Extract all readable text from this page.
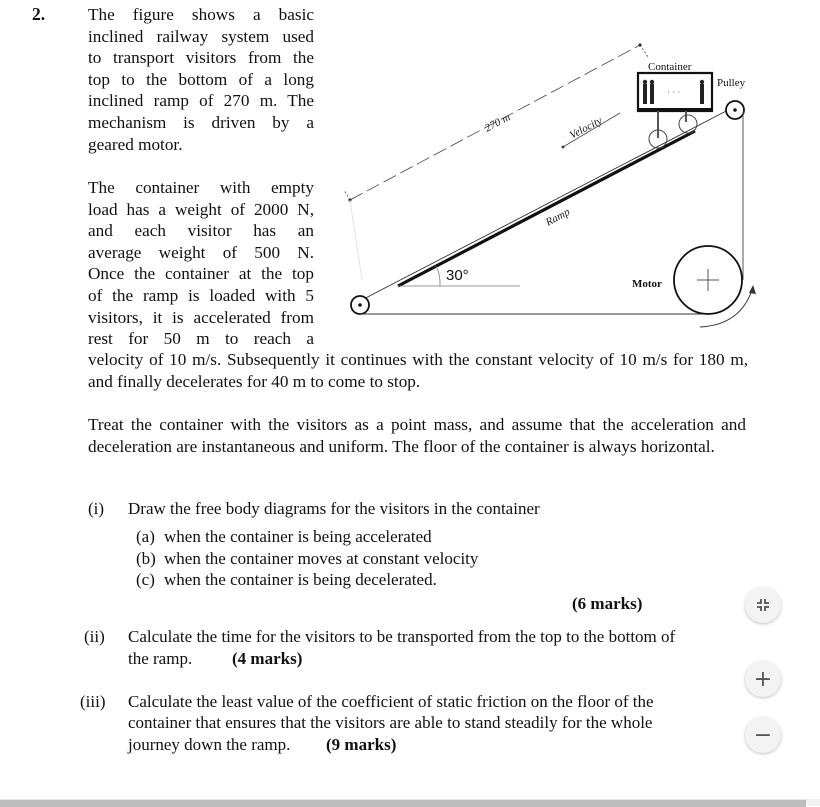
2. The figure shows a basic
inclined railway system used
to transport visitors from the
top to the bottom of a long
inclined ramp of 270 m. The
mechanism is driven by a
geared motor.

The container with empty
load has a weight of 2000 N,
and each visitor has an
average weight of 500 N.
Once the container at the top
of the ramp is loaded with 5
visitors, it is accelerated from
rest for 50 m to reach a

velocity of 10 m/s. Subsequently it continues with the constant velocity of 10 m/s for 180 m, and finally decelerates for 40 m to come to stop.

Treat the container with the visitors as a point mass, and assume that the acceleration and deceleration are instantaneous and uniform. The floor of the container is always horizontal.

270 m	Velocity
Ramp
30°
Container
· · ·
Pulley
Motor
(i) Draw the free body diagrams for the visitors in the container
(a) when the container is being accelerated
(b) when the container moves at constant velocity
(c) when the container is being decelerated.
(6 marks)
(ii) Calculate the time for the visitors to be transported from the top to the bottom of
the ramp. (4 marks)
(iii) Calculate the least value of the coefficient of static friction on the floor of the
container that ensures that the visitors are able to stand steadily for the whole
journey down the ramp. (9 marks)
+
−
